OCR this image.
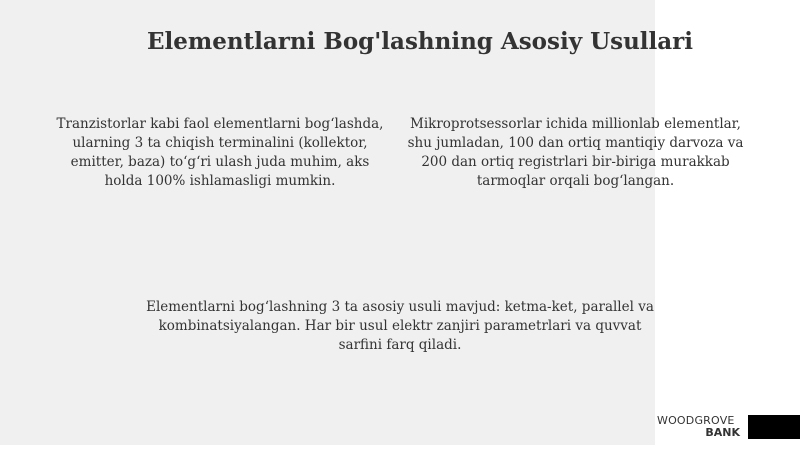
Elementlarni Bog'lashning Asosiy Usullari
Tranzistorlar kabi faol elementlarni bog‘lashda, ularning 3 ta chiqish terminalini (kollektor, emitter, baza) to‘g‘ri ulash juda muhim, aks holda 100% ishlamasligi mumkin.
Mikroprotsessorlar ichida millionlab elementlar, shu jumladan, 100 dan ortiq mantiqiy darvoza va 200 dan ortiq registrlari bir-biriga murakkab tarmoqlar orqali bog‘langan.
Elementlarni bog‘lashning 3 ta asosiy usuli mavjud: ketma-ket, parallel va kombinatsiyalangan. Har bir usul elektr zanjiri parametrlari va quvvat sarfini farq qiladi.
WOODGROVE
BANK
